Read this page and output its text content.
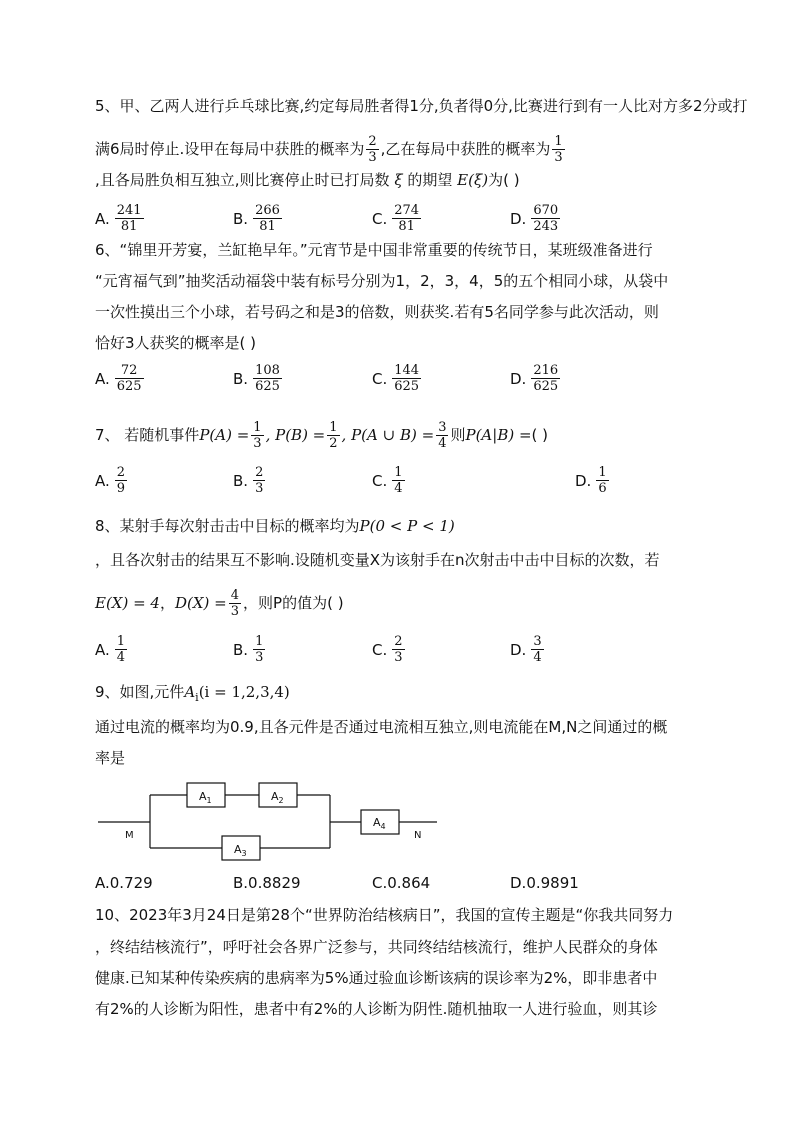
5、甲、乙两人进行乒乓球比赛,约定每局胜者得1分,负者得0分,比赛进行到有一人比对方多2分或打
满6局时停止.设甲在每局中获胜的概率为 $\frac{2}{3}$ ,乙在每局中获胜的概率为 $\frac{1}{3}$
,且各局胜负相互独立,则比赛停止时已打局数 ξ 的期望 E(ξ)为( )
A. $\frac{241}{81}$	B. $\frac{266}{81}$	C. $\frac{274}{81}$	D. $\frac{670}{243}$
6、“锦里开芳宴，兰缸艳早年。”元宵节是中国非常重要的传统节日，某班级准备进行
“元宵福气到”抽奖活动福袋中装有标号分别为1，2，3，4，5的五个相同小球，从袋中
一次性摸出三个小球，若号码之和是3的倍数，则获奖.若有5名同学参与此次活动，则
恰好3人获奖的概率是( )
A. $\frac{72}{625}$	B. $\frac{108}{625}$	C. $\frac{144}{625}$	D. $\frac{216}{625}$
7、 若随机事件$P(A) = \frac{1}{3}$ , $P(B) = \frac{1}{2}$ , P(A ∪ $B) = \frac{3}{4}$ 则P(A|B) =( )
A. $\frac{2}{9}$	B. $\frac{2}{3}$	C. $\frac{1}{4}$	D. $\frac{1}{6}$
8、某射手每次射击击中目标的概率均为P(0 < P < 1)
，且各次射击的结果互不影响.设随机变量X为该射手在n次射击中击中目标的次数，若
E(X) = 4，$D(X) = \frac{4}{3}$ ，则P的值为( )
A. $\frac{1}{4}$	B. $\frac{1}{3}$	C. $\frac{2}{3}$	D. $\frac{3}{4}$
9、如图,元件$A_i(i = 1,2,3,4)$
通过电流的概率均为0.9,且各元件是否通过电流相互独立,则电流能在M,N之间通过的概
率是
$A_1$	$A_2$
$A_3$
$A_4$
M	N
A.0.729	B.0.8829	C.0.864	D.0.9891
10、2023年3月24日是第28个“世界防治结核病日”，我国的宣传主题是“你我共同努力
，终结结核流行”，呼吁社会各界广泛参与，共同终结结核流行，维护人民群众的身体
健康.已知某种传染疾病的患病率为5%通过验血诊断该病的误诊率为2%，即非患者中
有2%的人诊断为阳性，患者中有2%的人诊断为阴性.随机抽取一人进行验血，则其诊
